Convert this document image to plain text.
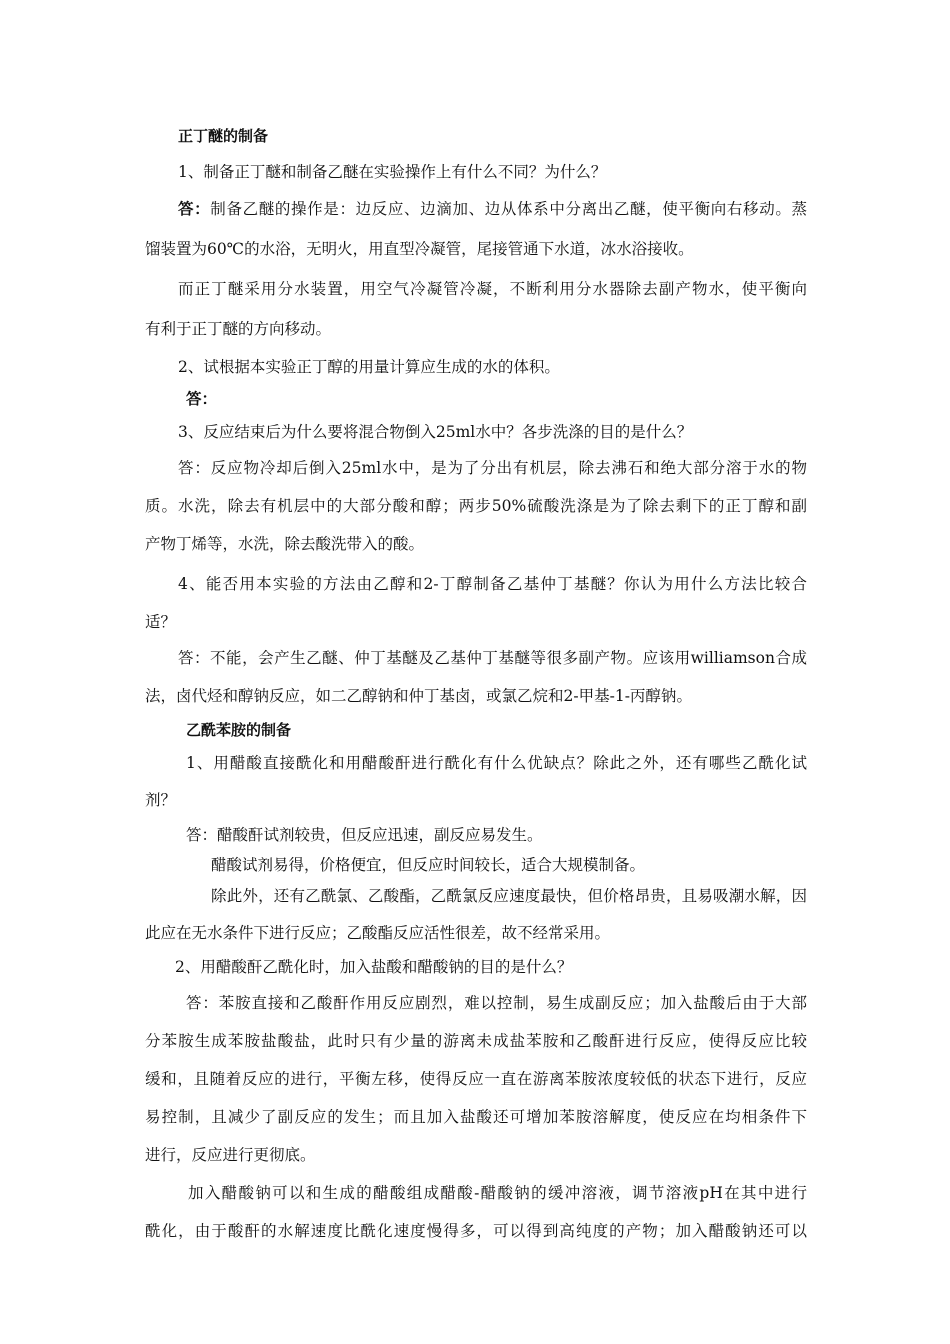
正丁醚的制备
1、制备正丁醚和制备乙醚在实验操作上有什么不同？为什么？
答：制备乙醚的操作是：边反应、边滴加、边从体系中分离出乙醚，使平衡向右移动。蒸
馏装置为60℃的水浴，无明火，用直型冷凝管，尾接管通下水道，冰水浴接收。
而正丁醚采用分水装置，用空气冷凝管冷凝，不断利用分水器除去副产物水，使平衡向
有利于正丁醚的方向移动。
2、试根据本实验正丁醇的用量计算应生成的水的体积。
答：
3、反应结束后为什么要将混合物倒入25ml水中？各步洗涤的目的是什么？
答：反应物冷却后倒入25ml水中，是为了分出有机层，除去沸石和绝大部分溶于水的物
质。水洗，除去有机层中的大部分酸和醇；两步50%硫酸洗涤是为了除去剩下的正丁醇和副
产物丁烯等，水洗，除去酸洗带入的酸。
4、能否用本实验的方法由乙醇和2-丁醇制备乙基仲丁基醚？你认为用什么方法比较合
适？
答：不能，会产生乙醚、仲丁基醚及乙基仲丁基醚等很多副产物。应该用williamson合成
法，卤代烃和醇钠反应，如二乙醇钠和仲丁基卤，或氯乙烷和2-甲基-1-丙醇钠。
乙酰苯胺的制备
1、用醋酸直接酰化和用醋酸酐进行酰化有什么优缺点？除此之外，还有哪些乙酰化试
剂？
答：醋酸酐试剂较贵，但反应迅速，副反应易发生。
醋酸试剂易得，价格便宜，但反应时间较长，适合大规模制备。
除此外，还有乙酰氯、乙酸酯，乙酰氯反应速度最快，但价格昂贵，且易吸潮水解，因
此应在无水条件下进行反应；乙酸酯反应活性很差，故不经常采用。
2、用醋酸酐乙酰化时，加入盐酸和醋酸钠的目的是什么？
答：苯胺直接和乙酸酐作用反应剧烈，难以控制，易生成副反应；加入盐酸后由于大部
分苯胺生成苯胺盐酸盐，此时只有少量的游离未成盐苯胺和乙酸酐进行反应，使得反应比较
缓和，且随着反应的进行，平衡左移，使得反应一直在游离苯胺浓度较低的状态下进行，反应
易控制，且减少了副反应的发生；而且加入盐酸还可增加苯胺溶解度，使反应在均相条件下
进行，反应进行更彻底。
加入醋酸钠可以和生成的醋酸组成醋酸-醋酸钠的缓冲溶液，调节溶液pH在其中进行
酰化，由于酸酐的水解速度比酰化速度慢得多，可以得到高纯度的产物；加入醋酸钠还可以
